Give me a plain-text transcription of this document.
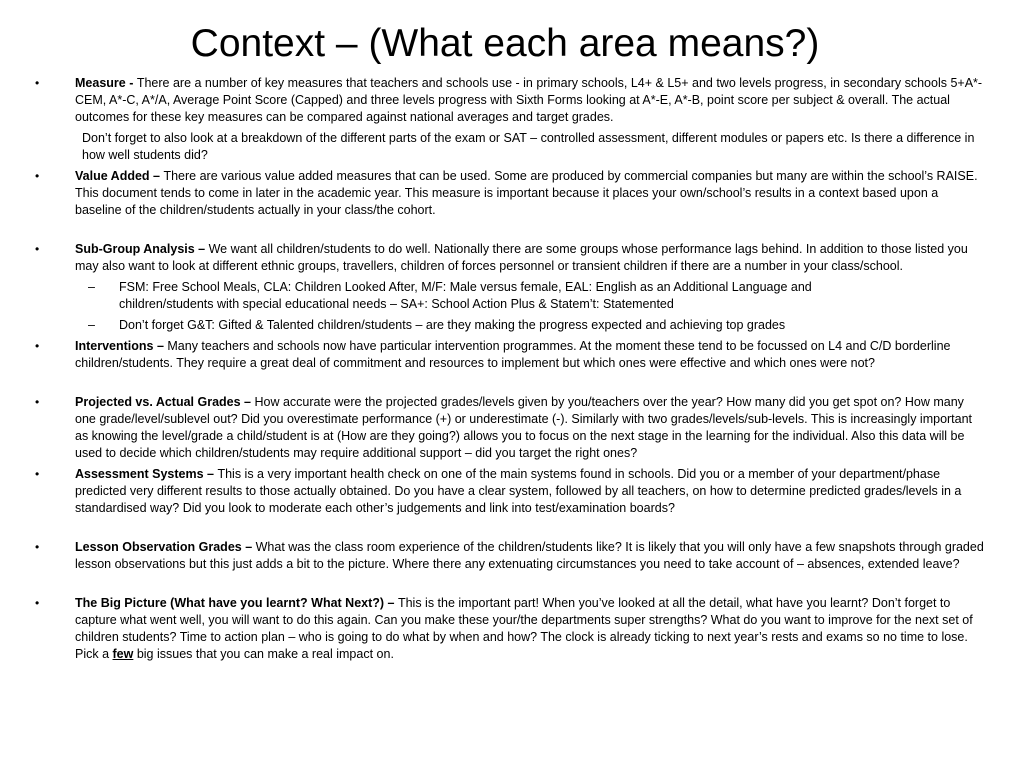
Context – (What each area means?)
•	Measure - There are a number of key measures that teachers and schools use - in primary schools, L4+ & L5+ and two levels progress, in secondary schools 5+A*-CEM, A*-C, A*/A, Average Point Score (Capped) and three levels progress with Sixth Forms looking at A*-E, A*-B, point score per subject & overall. The actual outcomes for these key measures can be compared against national averages and target grades.
Don’t forget to also look at a breakdown of the different parts of the exam or SAT – controlled assessment, different modules or papers etc. Is there a difference in how well students did?
•	Value Added – There are various value added measures that can be used. Some are produced by commercial companies but many are within the school’s RAISE. This document tends to come in later in the academic year. This measure is important because it places your own/school’s results in a context based upon a baseline of the children/students actually in your class/the cohort.
•	Sub-Group Analysis – We want all children/students to do well. Nationally there are some groups whose performance lags behind. In addition to those listed you may also want to look at different ethnic groups, travellers, children of forces personnel or transient children if there are a number in your class/school.
– FSM: Free School Meals, CLA: Children Looked After, M/F: Male versus female, EAL: English as an Additional Language and children/students with special educational needs – SA+: School Action Plus & Statem’t: Statemented
– Don’t forget G&T: Gifted & Talented children/students – are they making the progress expected and achieving top grades
•	Interventions – Many teachers and schools now have particular intervention programmes. At the moment these tend to be focussed on L4 and C/D borderline children/students. They require a great deal of commitment and resources to implement but which ones were effective and which ones were not?
•	Projected vs. Actual Grades – How accurate were the projected grades/levels given by you/teachers over the year? How many did you get spot on? How many one grade/level/sublevel out? Did you overestimate performance (+) or underestimate (-). Similarly with two grades/levels/sub-levels. This is increasingly important as knowing the level/grade a child/student is at (How are they going?) allows you to focus on the next stage in the learning for the individual. Also this data will be used to decide which children/students may require additional support – did you target the right ones?
•	Assessment Systems – This is a very important health check on one of the main systems found in schools. Did you or a member of your department/phase predicted very different results to those actually obtained. Do you have a clear system, followed by all teachers, on how to determine predicted grades/levels in a standardised way? Did you look to moderate each other’s judgements and link into test/examination boards?
•	Lesson Observation Grades – What was the class room experience of the children/students like? It is likely that you will only have a few snapshots through graded lesson observations but this just adds a bit to the picture. Where there any extenuating circumstances you need to take account of – absences, extended leave?
•	The Big Picture (What have you learnt? What Next?) – This is the important part! When you’ve looked at all the detail, what have you learnt? Don’t forget to capture what went well, you will want to do this again. Can you make these your/the departments super strengths? What do you want to improve for the next set of children students? Time to action plan – who is going to do what by when and how? The clock is already ticking to next year’s rests and exams so no time to lose. Pick a few big issues that you can make a real impact on.
